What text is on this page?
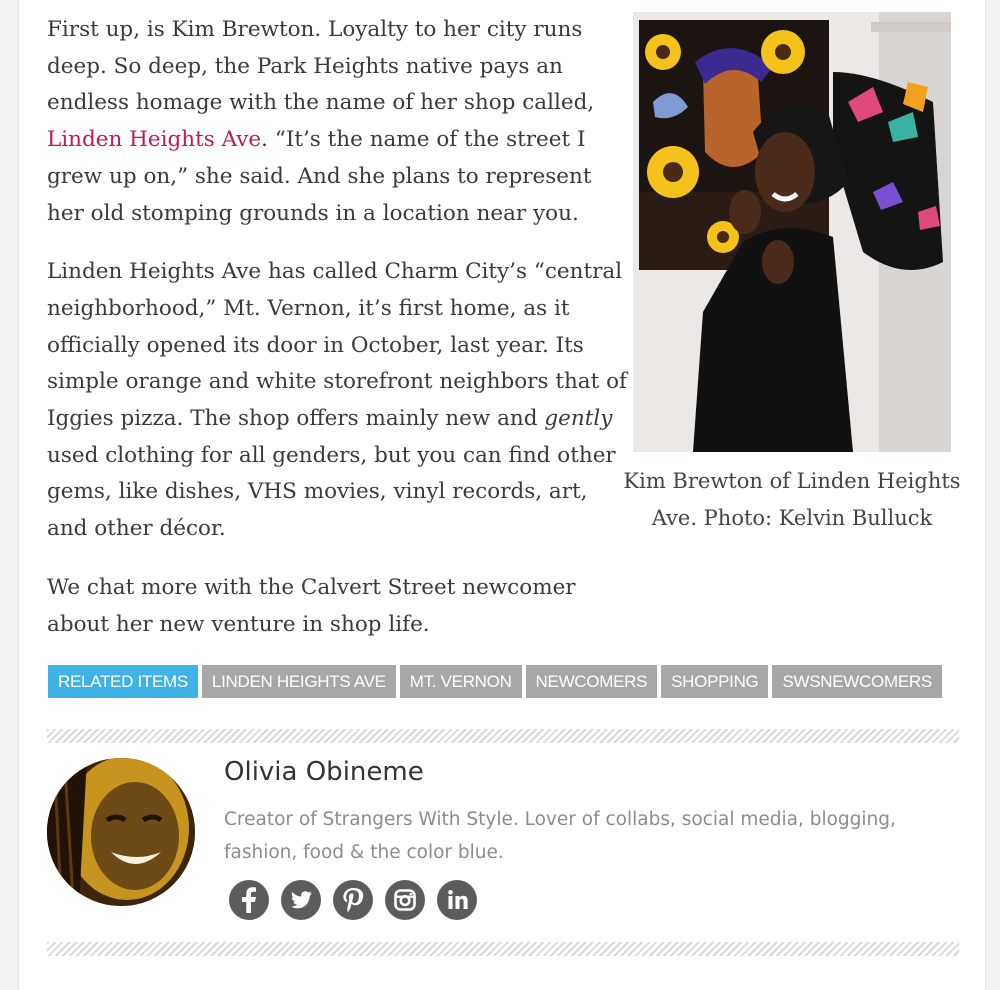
First up, is Kim Brewton. Loyalty to her city runs deep. So deep, the Park Heights native pays an endless homage with the name of her shop called, Linden Heights Ave. “It’s the name of the street I grew up on,” she said. And she plans to represent her old stomping grounds in a location near you.

Linden Heights Ave has called Charm City’s “central neighborhood,” Mt. Vernon, it’s first home, as it officially opened its door in October, last year. Its simple orange and white storefront neighbors that of Iggies pizza. The shop offers mainly new and gently used clothing for all genders, but you can find other gems, like dishes, VHS movies, vinyl records, art, and other décor.

We chat more with the Calvert Street newcomer about her new venture in shop life.

Kim Brewton of Linden Heights Ave. Photo: Kelvin Bulluck
RELATED ITEMS	LINDEN HEIGHTS AVE	MT. VERNON	NEWCOMERS	SHOPPING	SWSNEWCOMERS
Olivia Obineme
Creator of Strangers With Style. Lover of collabs, social media, blogging, fashion, food & the color blue.
